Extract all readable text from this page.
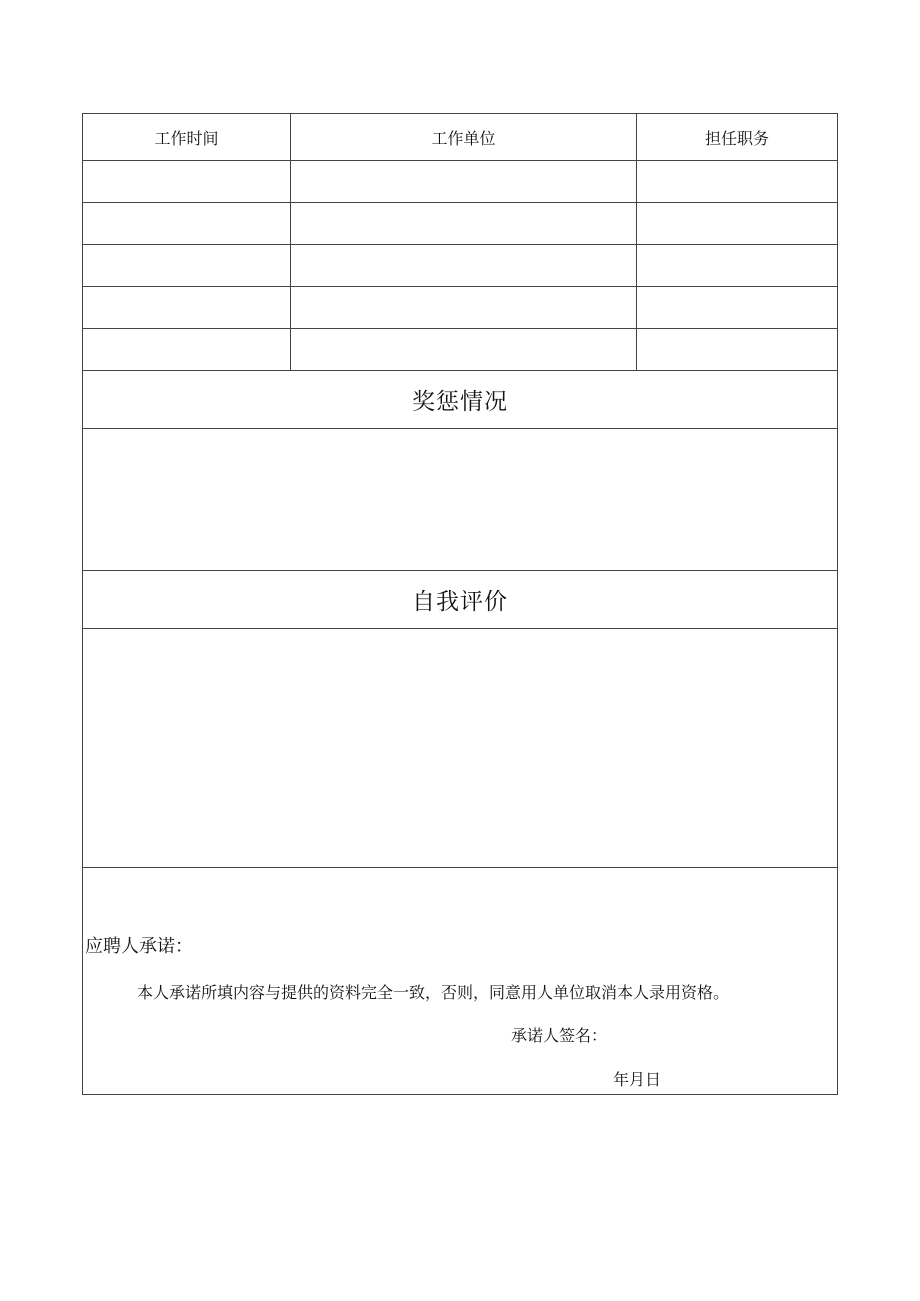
工作时间	工作单位	担任职务

奖惩情况		

自我评价		

应聘人承诺：
本人承诺所填内容与提供的资料完全一致，否则，同意用人单位取消本人录用资格。
承诺人签名：
年月日		
